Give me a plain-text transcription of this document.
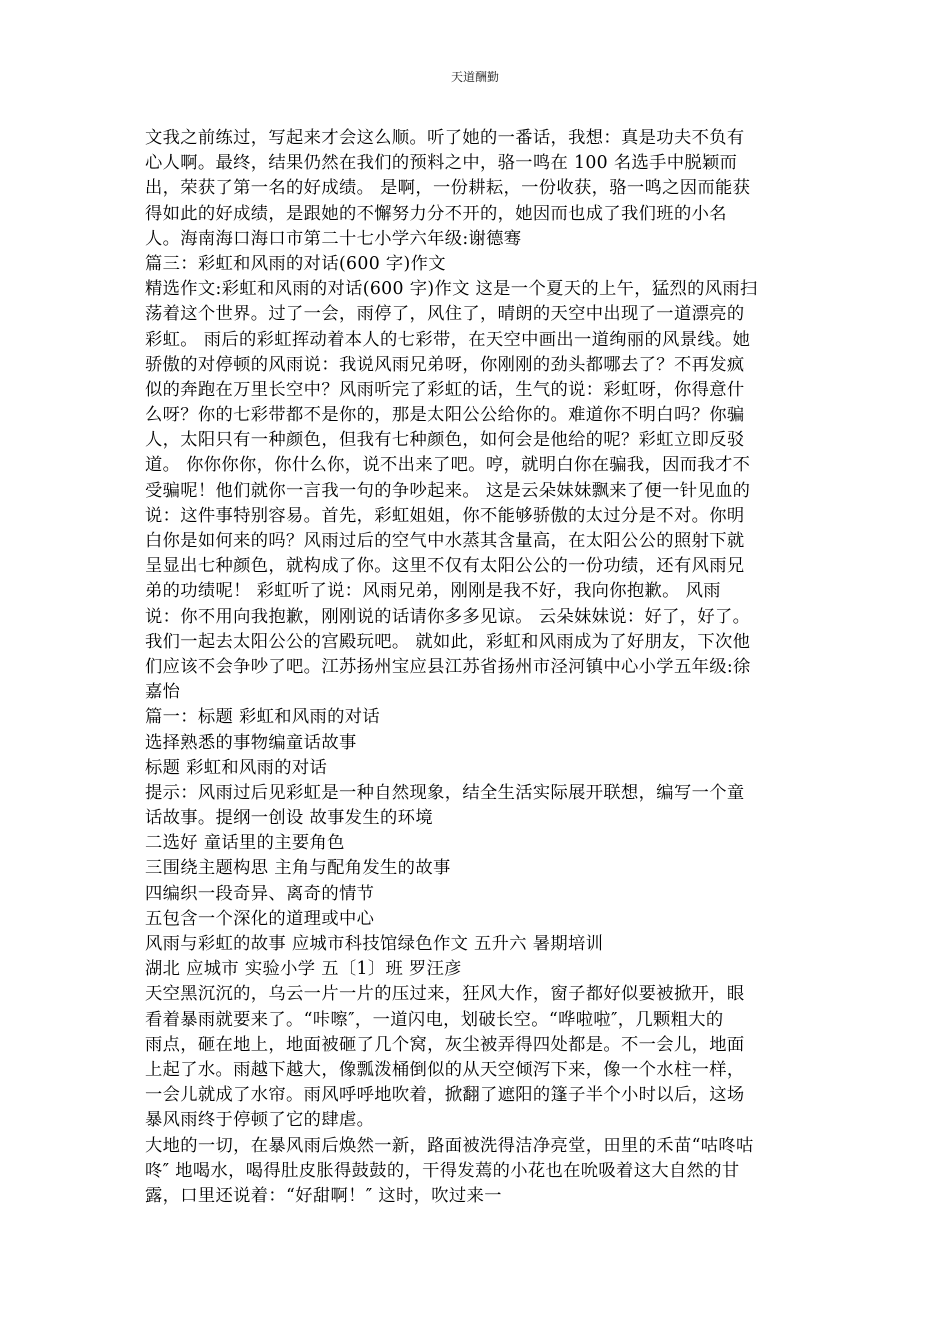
天道酬勤
文我之前练过，写起来才会这么顺。听了她的一番话，我想：真是功夫不负有
心人啊。最终，结果仍然在我们的预料之中，骆一鸣在 100 名选手中脱颖而
出，荣获了第一名的好成绩。 是啊，一份耕耘，一份收获，骆一鸣之因而能获
得如此的好成绩，是跟她的不懈努力分不开的，她因而也成了我们班的小名
人。海南海口海口市第二十七小学六年级:谢德骞
篇三：彩虹和风雨的对话(600 字)作文
精选作文:彩虹和风雨的对话(600 字)作文 这是一个夏天的上午，猛烈的风雨扫
荡着这个世界。过了一会，雨停了，风住了，晴朗的天空中出现了一道漂亮的
彩虹。 雨后的彩虹挥动着本人的七彩带，在天空中画出一道绚丽的风景线。她
骄傲的对停顿的风雨说：我说风雨兄弟呀，你刚刚的劲头都哪去了？不再发疯
似的奔跑在万里长空中？风雨听完了彩虹的话，生气的说：彩虹呀，你得意什
么呀？你的七彩带都不是你的，那是太阳公公给你的。难道你不明白吗？你骗
人，太阳只有一种颜色，但我有七种颜色，如何会是他给的呢？彩虹立即反驳
道。 你你你你，你什么你，说不出来了吧。哼，就明白你在骗我，因而我才不
受骗呢！他们就你一言我一句的争吵起来。 这是云朵妹妹飘来了便一针见血的
说：这件事特别容易。首先，彩虹姐姐，你不能够骄傲的太过分是不对。你明
白你是如何来的吗？风雨过后的空气中水蒸其含量高，在太阳公公的照射下就
呈显出七种颜色，就构成了你。这里不仅有太阳公公的一份功绩，还有风雨兄
弟的功绩呢！ 彩虹听了说：风雨兄弟，刚刚是我不好，我向你抱歉。 风雨
说：你不用向我抱歉，刚刚说的话请你多多见谅。 云朵妹妹说：好了，好了。
我们一起去太阳公公的宫殿玩吧。 就如此，彩虹和风雨成为了好朋友，下次他
们应该不会争吵了吧。江苏扬州宝应县江苏省扬州市泾河镇中心小学五年级:徐
嘉怡
篇一：标题 彩虹和风雨的对话
选择熟悉的事物编童话故事
标题 彩虹和风雨的对话
提示：风雨过后见彩虹是一种自然现象，结全生活实际展开联想，编写一个童
话故事。提纲一创设 故事发生的环境
二选好 童话里的主要角色
三围绕主题构思 主角与配角发生的故事
四编织一段奇异、离奇的情节
五包含一个深化的道理或中心
风雨与彩虹的故事 应城市科技馆绿色作文 五升六 暑期培训
湖北 应城市 实验小学 五〔1〕班 罗汪彦
天空黑沉沉的，乌云一片一片的压过来，狂风大作，窗子都好似要被掀开，眼
看着暴雨就要来了。“咔嚓″，一道闪电，划破长空。“哗啦啦″，几颗粗大的
雨点，砸在地上，地面被砸了几个窝，灰尘被弄得四处都是。不一会儿，地面
上起了水。雨越下越大，像瓢泼桶倒似的从天空倾泻下来，像一个水柱一样，
一会儿就成了水帘。雨风呼呼地吹着，掀翻了遮阳的篷子半个小时以后，这场
暴风雨终于停顿了它的肆虐。
大地的一切，在暴风雨后焕然一新，路面被洗得洁净亮堂，田里的禾苗“咕咚咕
咚″ 地喝水，喝得肚皮胀得鼓鼓的，干得发蔫的小花也在吮吸着这大自然的甘
露，口里还说着：“好甜啊！″ 这时，吹过来一
